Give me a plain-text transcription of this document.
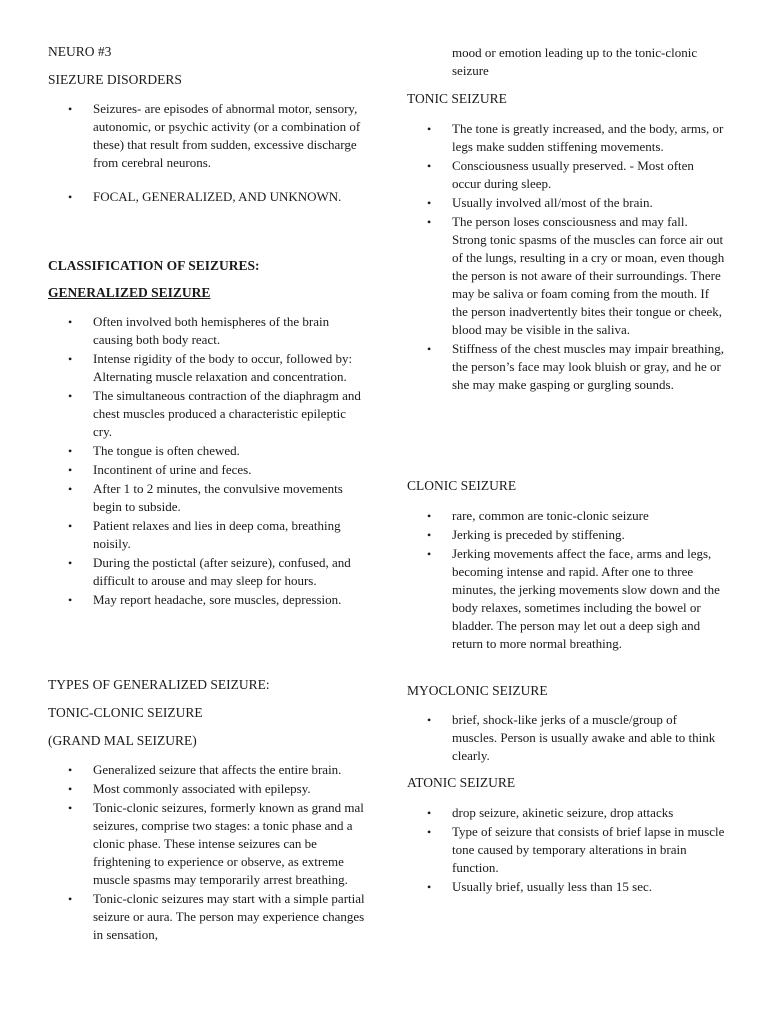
NEURO #3
SIEZURE DISORDERS
• Seizures- are episodes of abnormal motor, sensory, autonomic, or psychic activity (or a combination of these) that result from sudden, excessive discharge from cerebral neurons.
• FOCAL, GENERALIZED, AND UNKNOWN.
CLASSIFICATION OF SEIZURES:
GENERALIZED SEIZURE
• Often involved both hemispheres of the brain causing both body react.
• Intense rigidity of the body to occur, followed by: Alternating muscle relaxation and concentration.
• The simultaneous contraction of the diaphragm and chest muscles produced a characteristic epileptic cry.
• The tongue is often chewed.
• Incontinent of urine and feces.
• After 1 to 2 minutes, the convulsive movements begin to subside.
• Patient relaxes and lies in deep coma, breathing noisily.
• During the postictal (after seizure), confused, and difficult to arouse and may sleep for hours.
• May report headache, sore muscles, depression.
TYPES OF GENERALIZED SEIZURE:
TONIC-CLONIC SEIZURE
(GRAND MAL SEIZURE)
• Generalized seizure that affects the entire brain.
• Most commonly associated with epilepsy.
• Tonic-clonic seizures, formerly known as grand mal seizures, comprise two stages: a tonic phase and a clonic phase. These intense seizures can be frightening to experience or observe, as extreme muscle spasms may temporarily arrest breathing.
• Tonic-clonic seizures may start with a simple partial seizure or aura. The person may experience changes in sensation,

mood or emotion leading up to the tonic-clonic seizure

TONIC SEIZURE
• The tone is greatly increased, and the body, arms, or legs make sudden stiffening movements.
• Consciousness usually preserved. - Most often occur during sleep.
• Usually involved all/most of the brain.
• The person loses consciousness and may fall. Strong tonic spasms of the muscles can force air out of the lungs, resulting in a cry or moan, even though the person is not aware of their surroundings. There may be saliva or foam coming from the mouth. If the person inadvertently bites their tongue or cheek, blood may be visible in the saliva.
• Stiffness of the chest muscles may impair breathing, the person’s face may look bluish or gray, and he or she may make gasping or gurgling sounds.
CLONIC SEIZURE
• rare, common are tonic-clonic seizure
• Jerking is preceded by stiffening.
• Jerking movements affect the face, arms and legs, becoming intense and rapid. After one to three minutes, the jerking movements slow down and the body relaxes, sometimes including the bowel or bladder. The person may let out a deep sigh and return to more normal breathing.
MYOCLONIC SEIZURE
• brief, shock-like jerks of a muscle/group of muscles. Person is usually awake and able to think clearly.
ATONIC SEIZURE
• drop seizure, akinetic seizure, drop attacks
• Type of seizure that consists of brief lapse in muscle tone caused by temporary alterations in brain function.
• Usually brief, usually less than 15 sec.
